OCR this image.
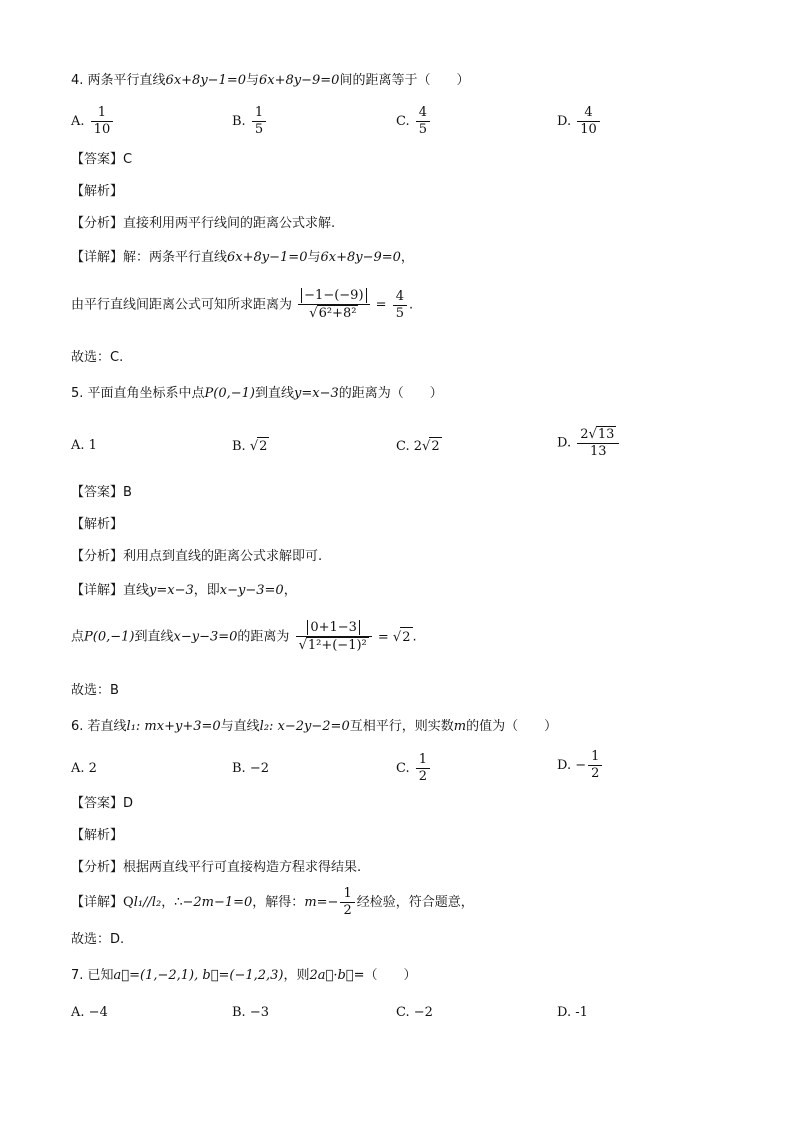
4. 两条平行直线6x+8y−1=0与6x+8y−9=0间的距离等于（　　）
A. $\frac{1}{10}$	B. $\frac{1}{5}$	C. $\frac{4}{5}$	D. $\frac{4}{10}$
【答案】C
【解析】
【分析】直接利用两平行线间的距离公式求解.
【详解】解：两条平行直线6x+8y−1=0与6x+8y−9=0，
由平行直线间距离公式可知所求距离为 $\frac{-1-(-9)}{\text{√6²+8²}} = \frac{4}{5}$ .
故选：C.
5. 平面直角坐标系中点P(0,−1)到直线y=x−3的距离为（　　）
A. 1	B. √2	C. 2√2	D. $\frac{2√13}{13}$
【答案】B
【解析】
【分析】利用点到直线的距离公式求解即可.
【详解】直线y=x−3，即x−y−3=0，
点P(0,−1)到直线x−y−3=0的距离为 $\frac{0+1-3}{\text{√1²+(−1)²}} = √2$ .
故选：B
6. 若直线l₁: mx+y+3=0与直线l₂: x−2y−2=0互相平行，则实数m的值为（　　）
A. 2	B. −2	C. $\frac{1}{2}$	D. − $\frac{1}{2}$
【答案】D
【解析】
【分析】根据两直线平行可直接构造方程求得结果.
【详解】Ql₁//l₂，∴−2m−1=0，解得：$m=- \frac{1}{2}$ 经检验，符合题意，
故选：D.
7. 已知a⃗=(1,−2,1), b⃗=(−1,2,3)，则2a⃗·b⃗=（　　）
A. −4	B. −3	C. −2	D. -1
